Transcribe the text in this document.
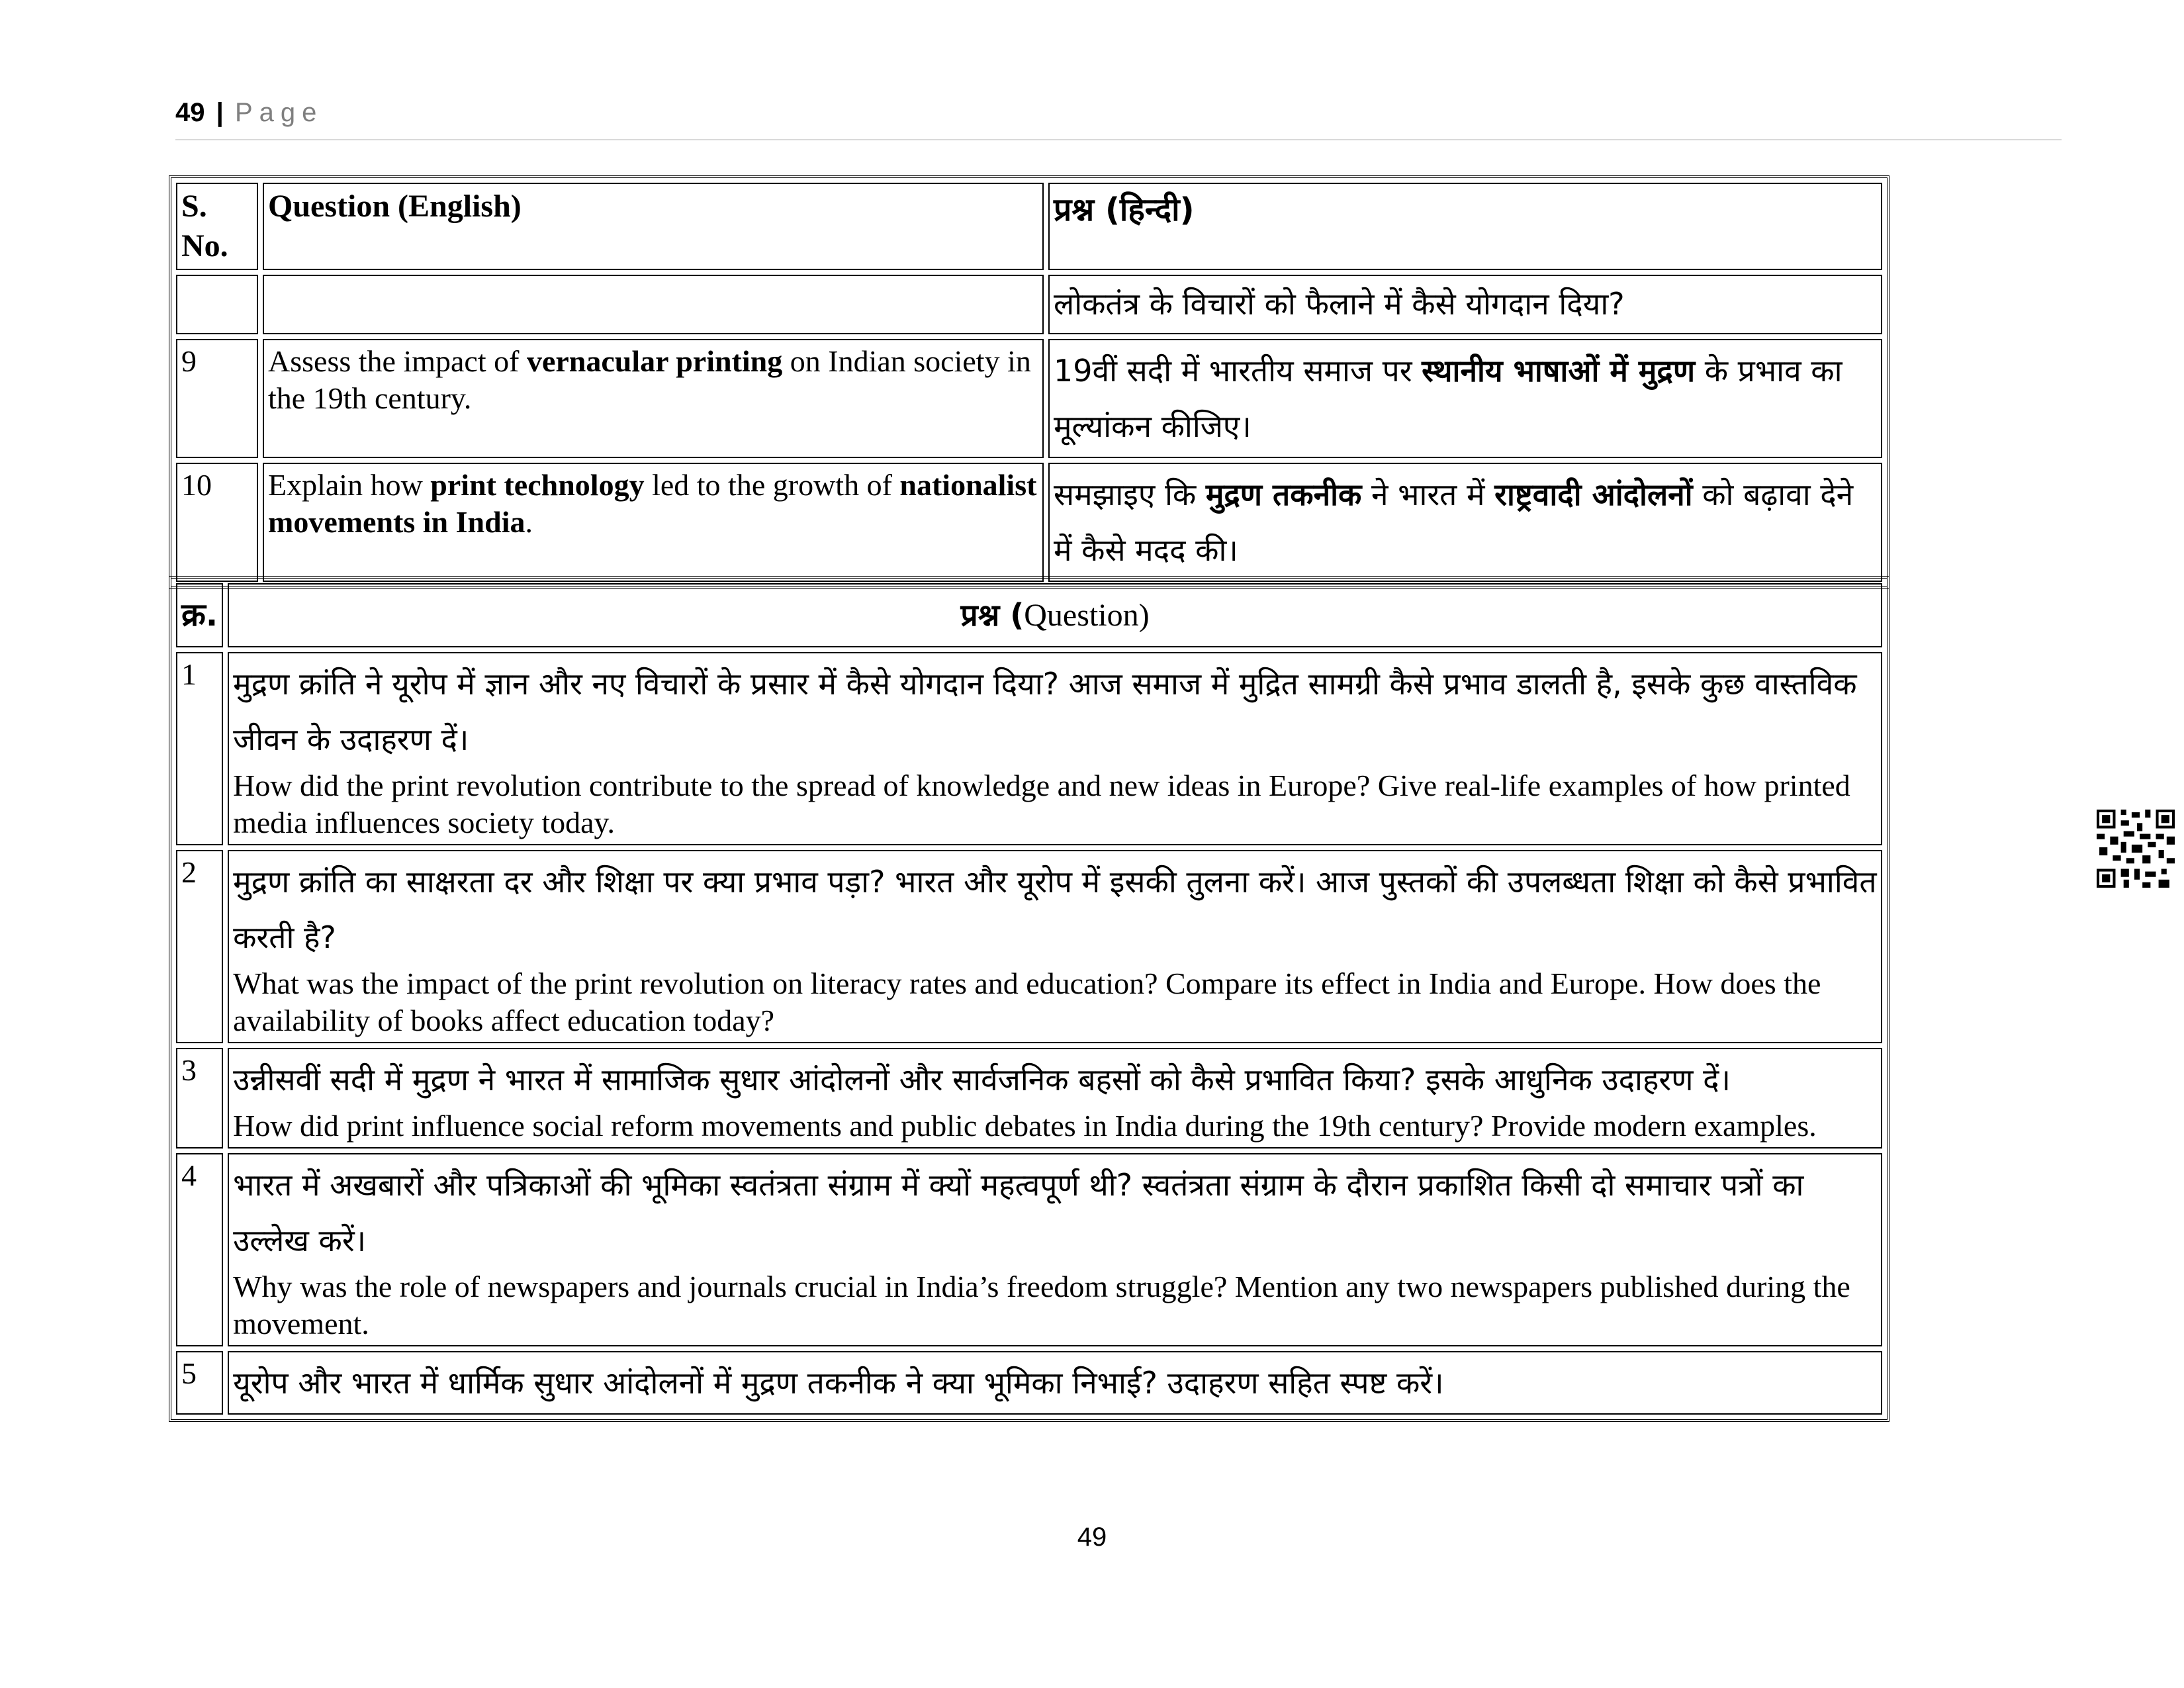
49 | Page
S. No.	Question (English)	प्रश्न (हिन्दी)
		लोकतंत्र के विचारों को फैलाने में कैसे योगदान दिया?
9	Assess the impact of vernacular printing on Indian society in the 19th century.	19वीं सदी में भारतीय समाज पर स्थानीय भाषाओं में मुद्रण के प्रभाव का मूल्यांकन कीजिए।
10	Explain how print technology led to the growth of nationalist movements in India.	समझाइए कि मुद्रण तकनीक ने भारत में राष्ट्रवादी आंदोलनों को बढ़ावा देने में कैसे मदद की।
क्र.	प्रश्न (Question)
1	मुद्रण क्रांति ने यूरोप में ज्ञान और नए विचारों के प्रसार में कैसे योगदान दिया? आज समाज में मुद्रित सामग्री कैसे प्रभाव डालती है, इसके कुछ वास्तविक जीवन के उदाहरण दें।
How did the print revolution contribute to the spread of knowledge and new ideas in Europe? Give real-life examples of how printed media influences society today.

2	मुद्रण क्रांति का साक्षरता दर और शिक्षा पर क्या प्रभाव पड़ा? भारत और यूरोप में इसकी तुलना करें। आज पुस्तकों की उपलब्धता शिक्षा को कैसे प्रभावित करती है?
What was the impact of the print revolution on literacy rates and education? Compare its effect in India and Europe. How does the availability of books affect education today?

3	उन्नीसवीं सदी में मुद्रण ने भारत में सामाजिक सुधार आंदोलनों और सार्वजनिक बहसों को कैसे प्रभावित किया? इसके आधुनिक उदाहरण दें।
How did print influence social reform movements and public debates in India during the 19th century? Provide modern examples.

4	भारत में अखबारों और पत्रिकाओं की भूमिका स्वतंत्रता संग्राम में क्यों महत्वपूर्ण थी? स्वतंत्रता संग्राम के दौरान प्रकाशित किसी दो समाचार पत्रों का उल्लेख करें।
Why was the role of newspapers and journals crucial in India’s freedom struggle? Mention any two newspapers published during the movement.

5	यूरोप और भारत में धार्मिक सुधार आंदोलनों में मुद्रण तकनीक ने क्या भूमिका निभाई? उदाहरण सहित स्पष्ट करें।
49
